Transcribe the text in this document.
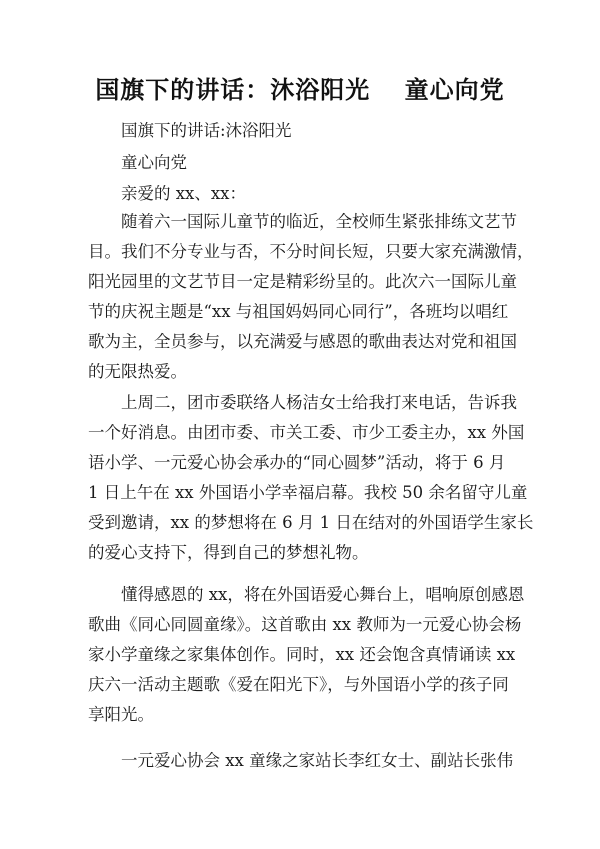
国旗下的讲话：沐浴阳光　 童心向党
　　国旗下的讲话:沐浴阳光
　　童心向党
　　亲爱的 xx、xx：
　　随着六一国际儿童节的临近，全校师生紧张排练文艺节
目。我们不分专业与否，不分时间长短，只要大家充满激情，
阳光园里的文艺节目一定是精彩纷呈的。此次六一国际儿童
节的庆祝主题是“xx 与祖国妈妈同心同行”，各班均以唱红
歌为主，全员参与，以充满爱与感恩的歌曲表达对党和祖国
的无限热爱。
　　上周二，团市委联络人杨洁女士给我打来电话，告诉我
一个好消息。由团市委、市关工委、市少工委主办，xx 外国
语小学、一元爱心协会承办的“同心圆梦”活动，将于 6 月
1 日上午在 xx 外国语小学幸福启幕。我校 50 余名留守儿童
受到邀请，xx 的梦想将在 6 月 1 日在结对的外国语学生家长
的爱心支持下，得到自己的梦想礼物。
　　懂得感恩的 xx，将在外国语爱心舞台上，唱响原创感恩
歌曲《同心同圆童缘》。这首歌由 xx 教师为一元爱心协会杨
家小学童缘之家集体创作。同时，xx 还会饱含真情诵读 xx
庆六一活动主题歌《爱在阳光下》，与外国语小学的孩子同
享阳光。
　　一元爱心协会 xx 童缘之家站长李红女士、副站长张伟
